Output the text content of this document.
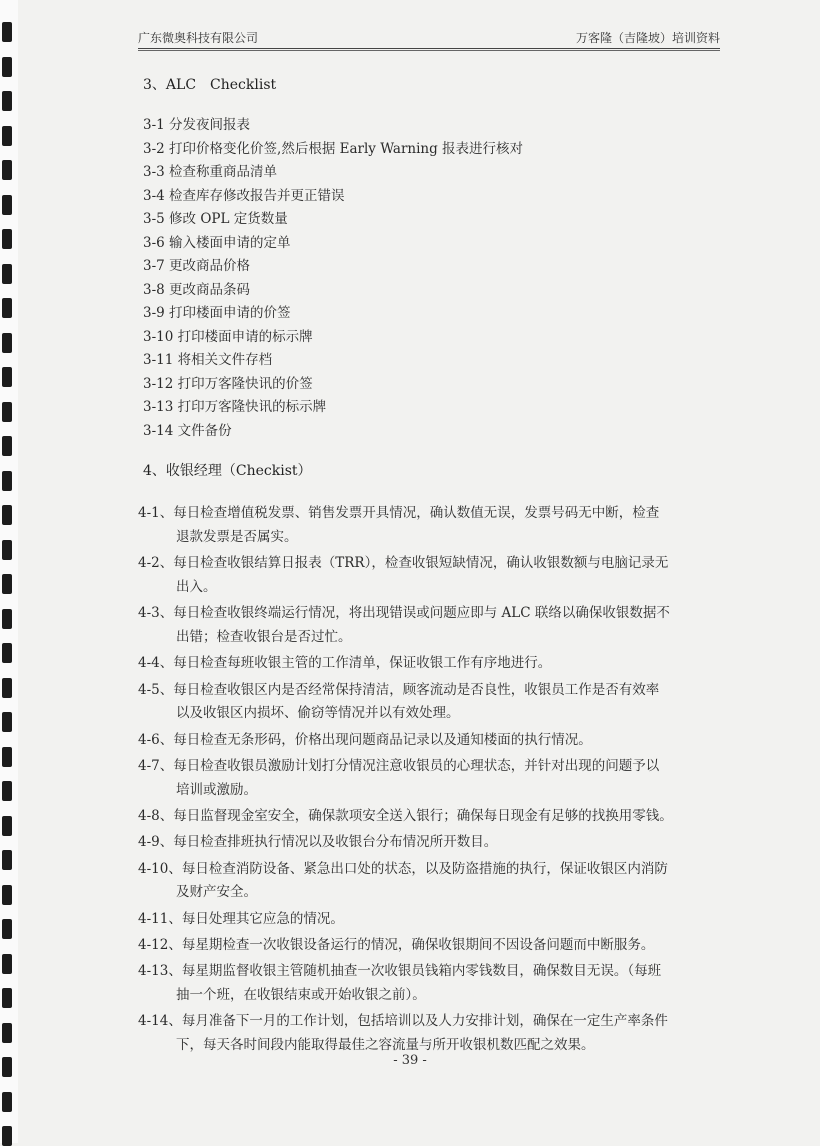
广东微奥科技有限公司	万客隆（吉隆坡）培训资料
3、ALC　Checklist
3-1 分发夜间报表
3-2 打印价格变化价签,然后根据 Early Warning 报表进行核对
3-3 检查称重商品清单
3-4 检查库存修改报告并更正错误
3-5 修改 OPL 定货数量
3-6 输入楼面申请的定单
3-7 更改商品价格
3-8 更改商品条码
3-9 打印楼面申请的价签
3-10 打印楼面申请的标示牌
3-11 将相关文件存档
3-12 打印万客隆快讯的价签
3-13 打印万客隆快讯的标示牌
3-14 文件备份
4、收银经理（Checkist）
4-1、每日检查增值税发票、销售发票开具情况，确认数值无误，发票号码无中断，检查
退款发票是否属实。
4-2、每日检查收银结算日报表（TRR），检查收银短缺情况，确认收银数额与电脑记录无
出入。
4-3、每日检查收银终端运行情况，将出现错误或问题应即与 ALC 联络以确保收银数据不
出错；检查收银台是否过忙。
4-4、每日检查每班收银主管的工作清单，保证收银工作有序地进行。
4-5、每日检查收银区内是否经常保持清洁，顾客流动是否良性，收银员工作是否有效率
以及收银区内损坏、偷窃等情况并以有效处理。
4-6、每日检查无条形码，价格出现问题商品记录以及通知楼面的执行情况。
4-7、每日检查收银员激励计划打分情况注意收银员的心理状态，并针对出现的问题予以
培训或激励。
4-8、每日监督现金室安全，确保款项安全送入银行；确保每日现金有足够的找换用零钱。
4-9、每日检查排班执行情况以及收银台分布情况所开数目。
4-10、每日检查消防设备、紧急出口处的状态，以及防盗措施的执行，保证收银区内消防
及财产安全。
4-11、每日处理其它应急的情况。
4-12、每星期检查一次收银设备运行的情况，确保收银期间不因设备问题而中断服务。
4-13、每星期监督收银主管随机抽查一次收银员钱箱内零钱数目，确保数目无误。（每班
抽一个班，在收银结束或开始收银之前）。
4-14、每月准备下一月的工作计划，包括培训以及人力安排计划，确保在一定生产率条件
下，每天各时间段内能取得最佳之容流量与所开收银机数匹配之效果。
- 39 -
